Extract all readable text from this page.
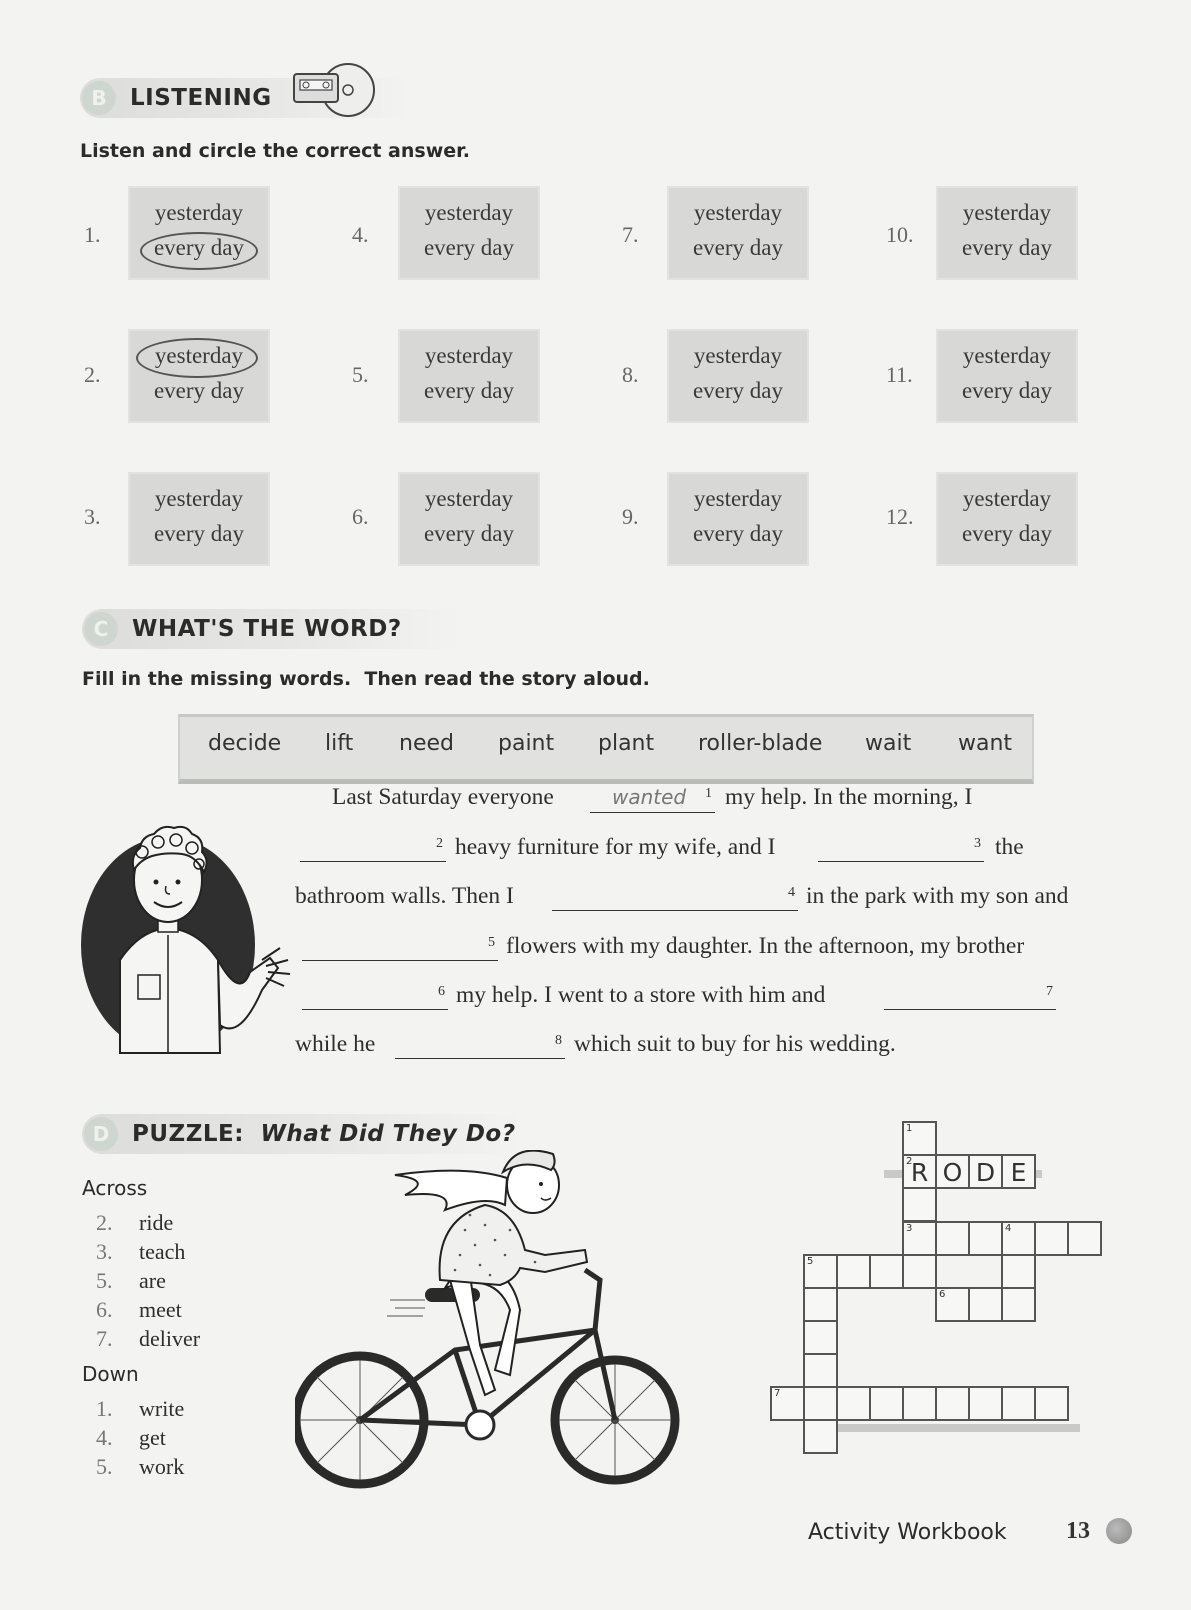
B	LISTENING
Listen and circle the correct answer.
1.
yesterday
every day
2.
yesterday
every day
3.
yesterday
every day
4.
yesterday
every day
5.
yesterday
every day
6.
yesterday
every day
7.
yesterday
every day
8.
yesterday
every day
9.
yesterday
every day
10.
yesterday
every day
11.
yesterday
every day
12.
yesterday
every day
C	WHAT'S THE WORD?
Fill in the missing words.  Then read the story aloud.
decide lift need paint plant roller-blade wait want
Last Saturday everyone	wanted 1 my help. In the morning, I
2 heavy furniture for my wife, and I	3 the
bathroom walls. Then I	4 in the park with my son and
5 flowers with my daughter. In the afternoon, my brother
6 my help. I went to a store with him and	7
while he	8 which suit to buy for his wedding.
D PUZZLE: What Did They Do?
Across
2. ride
3. teach
5. are
6. meet
7. deliver
Down
1. write
4. get
5. work
1
2
R O D E
3	4
5
6
7
Activity Workbook 13
